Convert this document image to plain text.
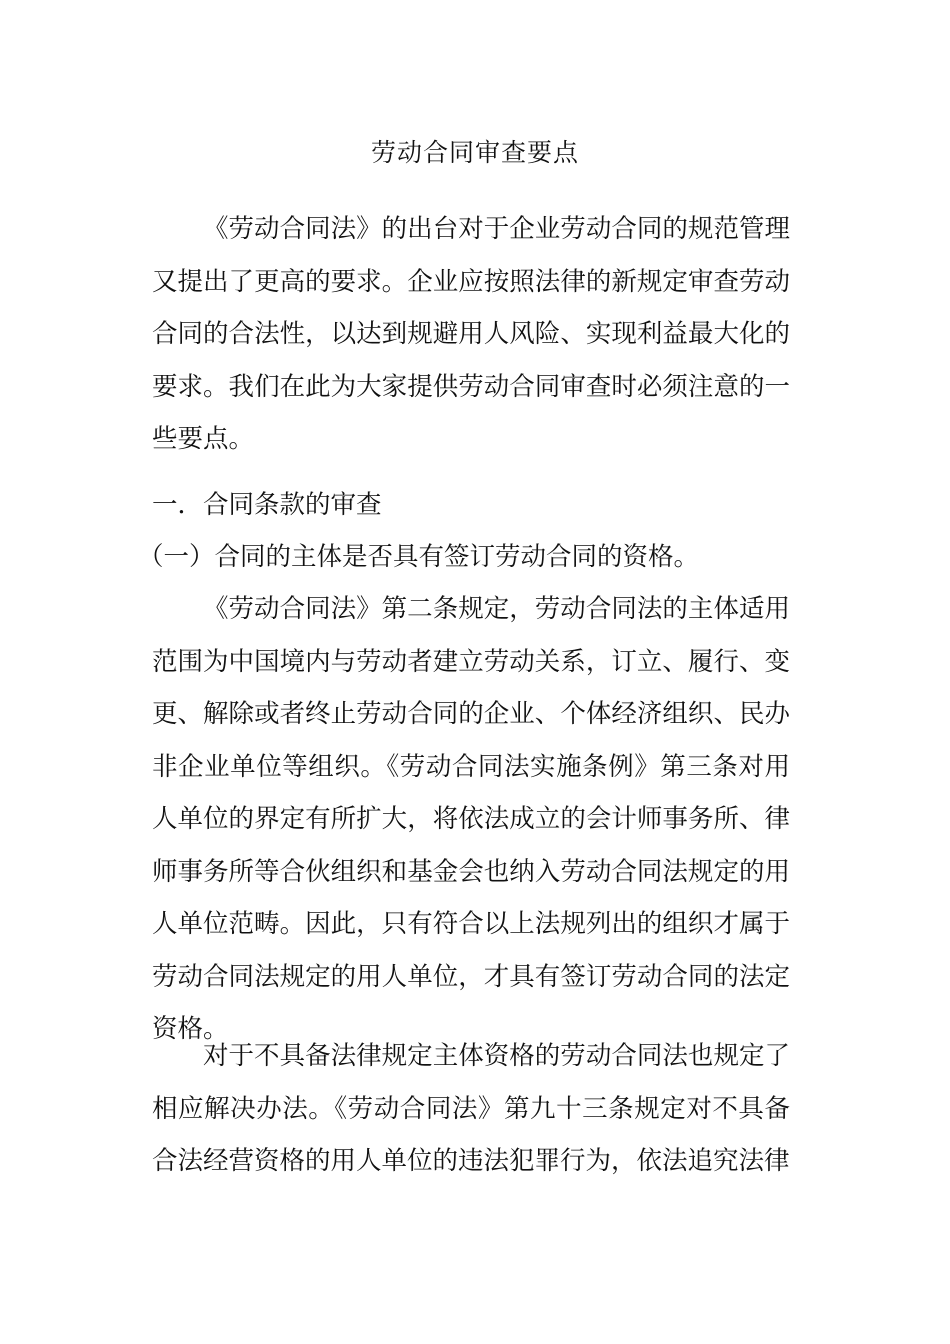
劳动合同审查要点

《劳动合同法》的出台对于企业劳动合同的规范管理又提出了更高的要求。企业应按照法律的新规定审查劳动合同的合法性，以达到规避用人风险、实现利益最大化的要求。我们在此为大家提供劳动合同审查时必须注意的一些要点。

一．合同条款的审查

（一）合同的主体是否具有签订劳动合同的资格。

《劳动合同法》第二条规定，劳动合同法的主体适用范围为中国境内与劳动者建立劳动关系，订立、履行、变更、解除或者终止劳动合同的企业、个体经济组织、民办非企业单位等组织。《劳动合同法实施条例》第三条对用人单位的界定有所扩大，将依法成立的会计师事务所、律师事务所等合伙组织和基金会也纳入劳动合同法规定的用人单位范畴。因此，只有符合以上法规列出的组织才属于劳动合同法规定的用人单位，才具有签订劳动合同的法定资格。

对于不具备法律规定主体资格的劳动合同法也规定了相应解决办法。《劳动合同法》第九十三条规定对不具备合法经营资格的用人单位的违法犯罪行为，依法追究法律
